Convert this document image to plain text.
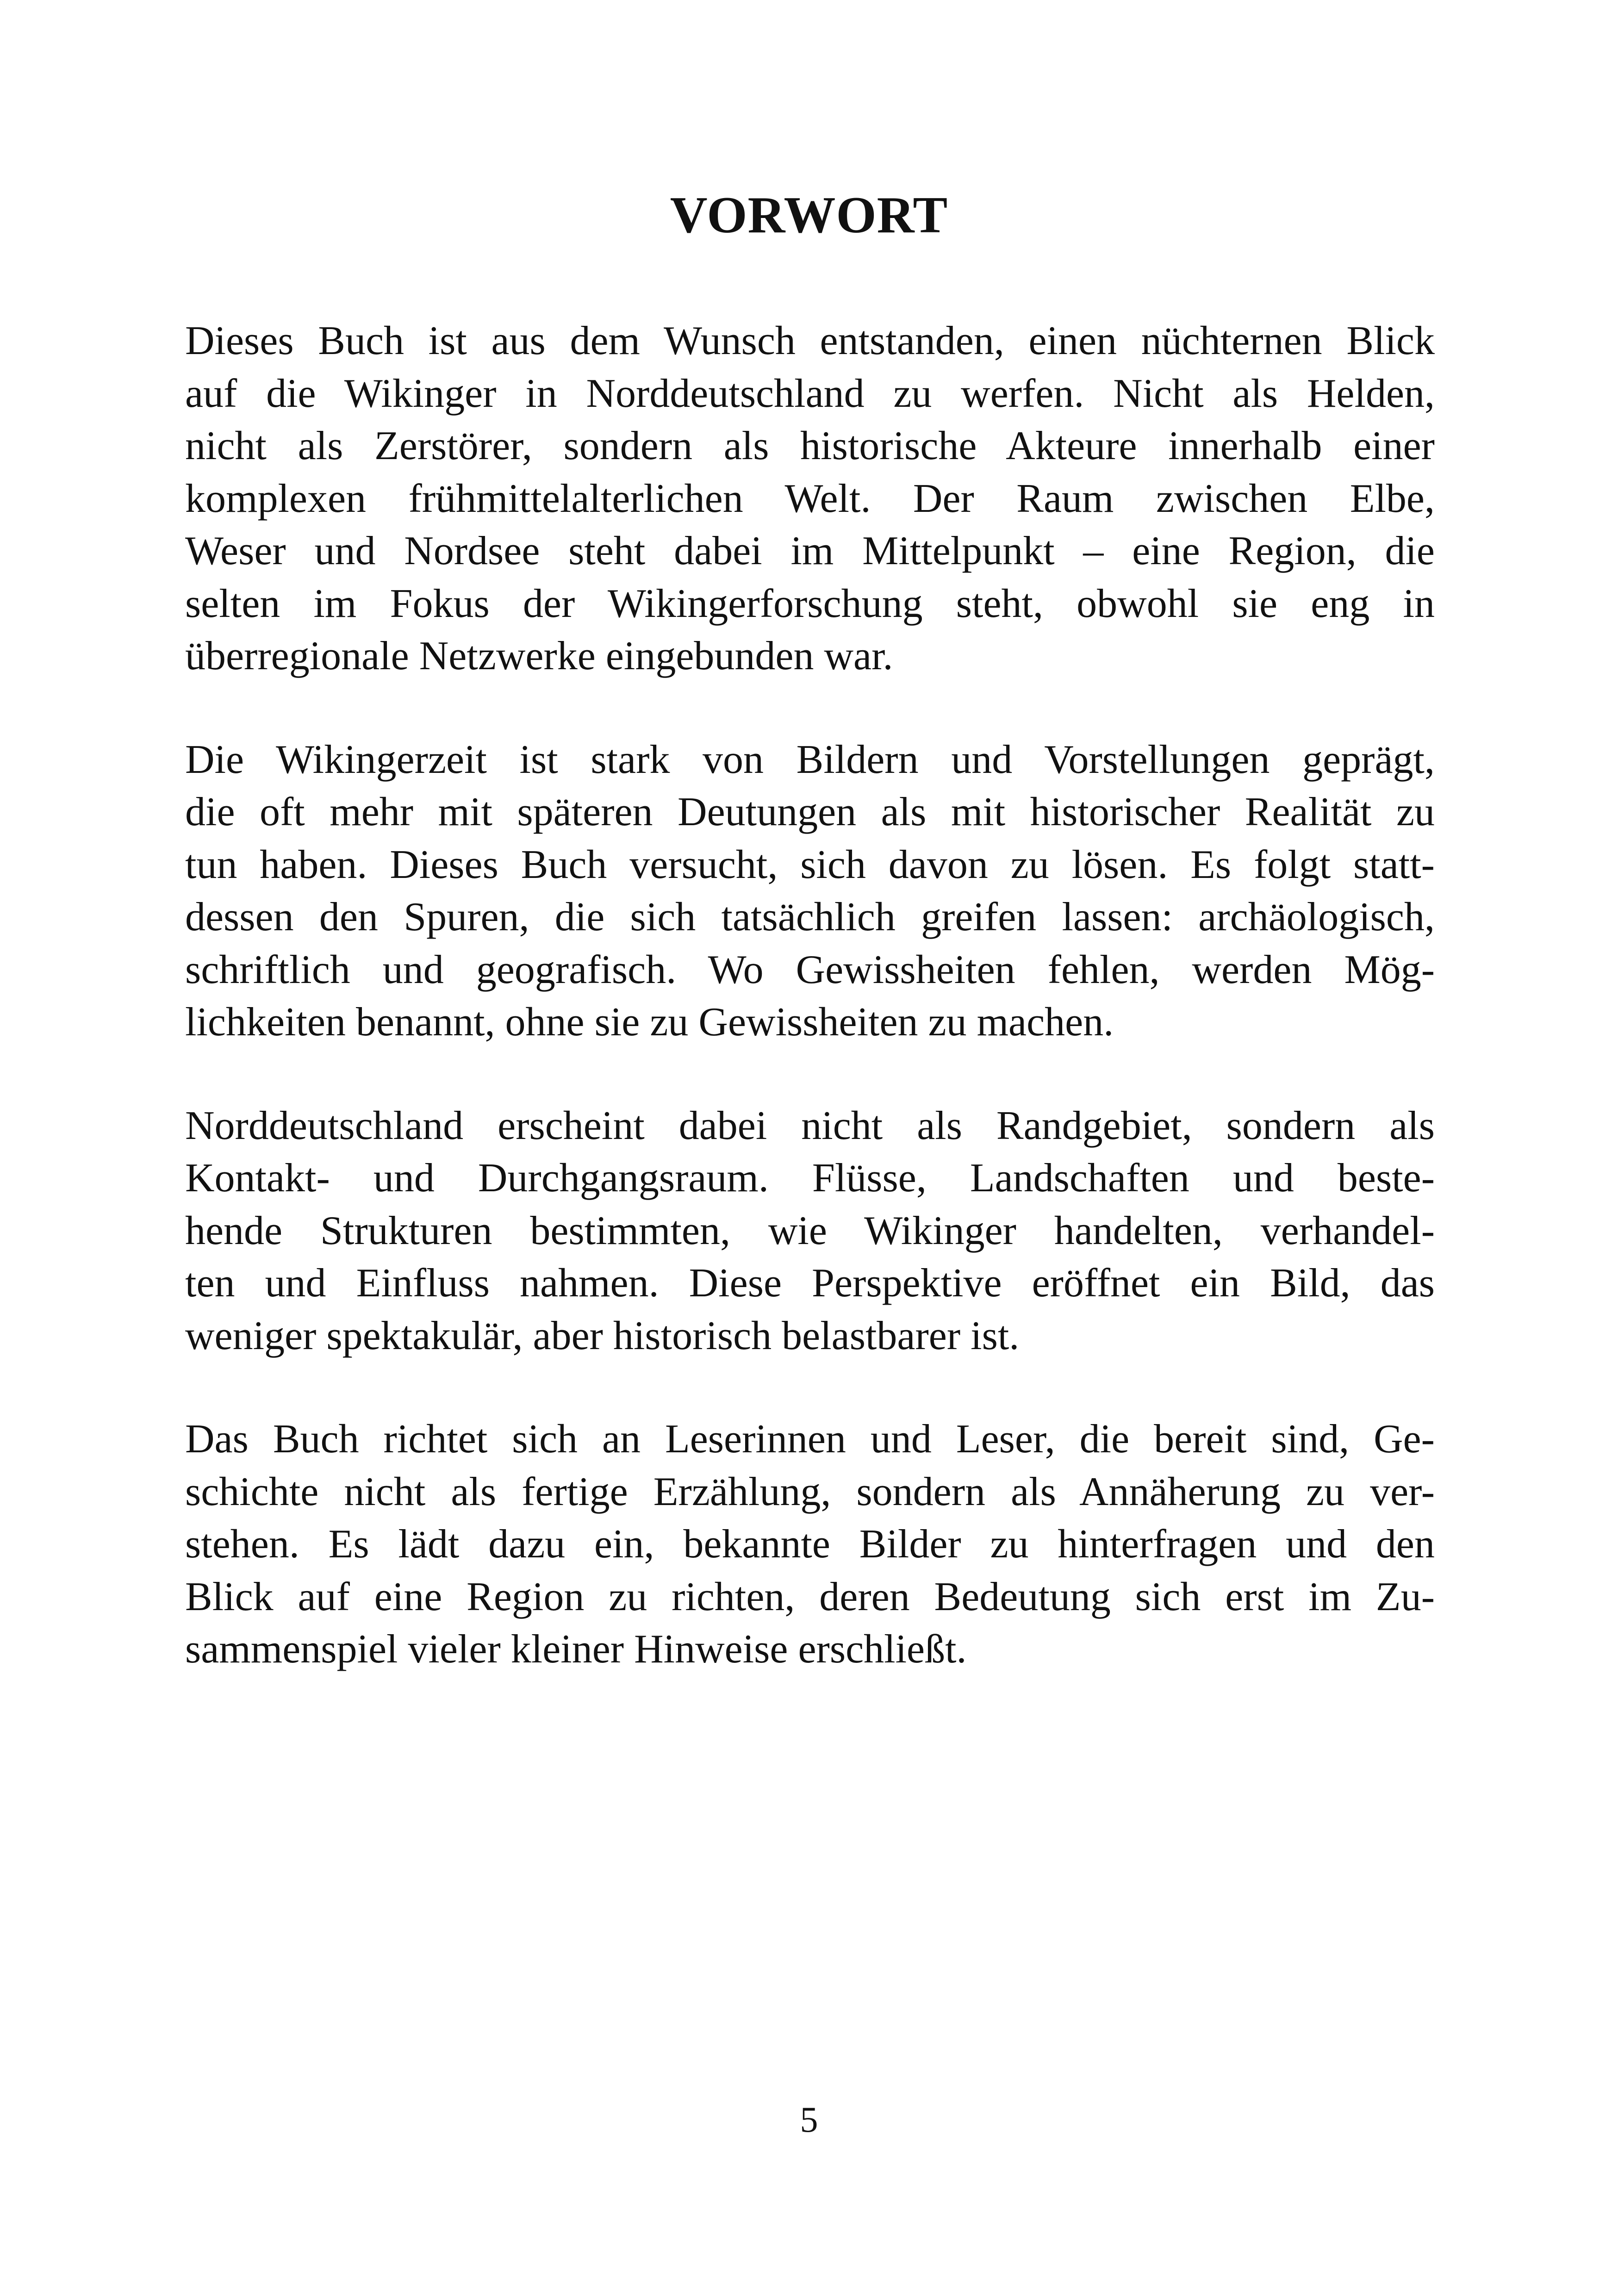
VORWORT

Dieses Buch ist aus dem Wunsch entstanden, einen nüchternen Blick
auf die Wikinger in Norddeutschland zu werfen. Nicht als Helden,
nicht als Zerstörer, sondern als historische Akteure innerhalb einer
komplexen frühmittelalterlichen Welt. Der Raum zwischen Elbe,
Weser und Nordsee steht dabei im Mittelpunkt – eine Region, die
selten im Fokus der Wikingerforschung steht, obwohl sie eng in
überregionale Netzwerke eingebunden war.

Die Wikingerzeit ist stark von Bildern und Vorstellungen geprägt,
die oft mehr mit späteren Deutungen als mit historischer Realität zu
tun haben. Dieses Buch versucht, sich davon zu lösen. Es folgt statt-
dessen den Spuren, die sich tatsächlich greifen lassen: archäologisch,
schriftlich und geografisch. Wo Gewissheiten fehlen, werden Mög-
lichkeiten benannt, ohne sie zu Gewissheiten zu machen.

Norddeutschland erscheint dabei nicht als Randgebiet, sondern als
Kontakt- und Durchgangsraum. Flüsse, Landschaften und beste-
hende Strukturen bestimmten, wie Wikinger handelten, verhandel-
ten und Einfluss nahmen. Diese Perspektive eröffnet ein Bild, das
weniger spektakulär, aber historisch belastbarer ist.

Das Buch richtet sich an Leserinnen und Leser, die bereit sind, Ge-
schichte nicht als fertige Erzählung, sondern als Annäherung zu ver-
stehen. Es lädt dazu ein, bekannte Bilder zu hinterfragen und den
Blick auf eine Region zu richten, deren Bedeutung sich erst im Zu-
sammenspiel vieler kleiner Hinweise erschließt.

5
